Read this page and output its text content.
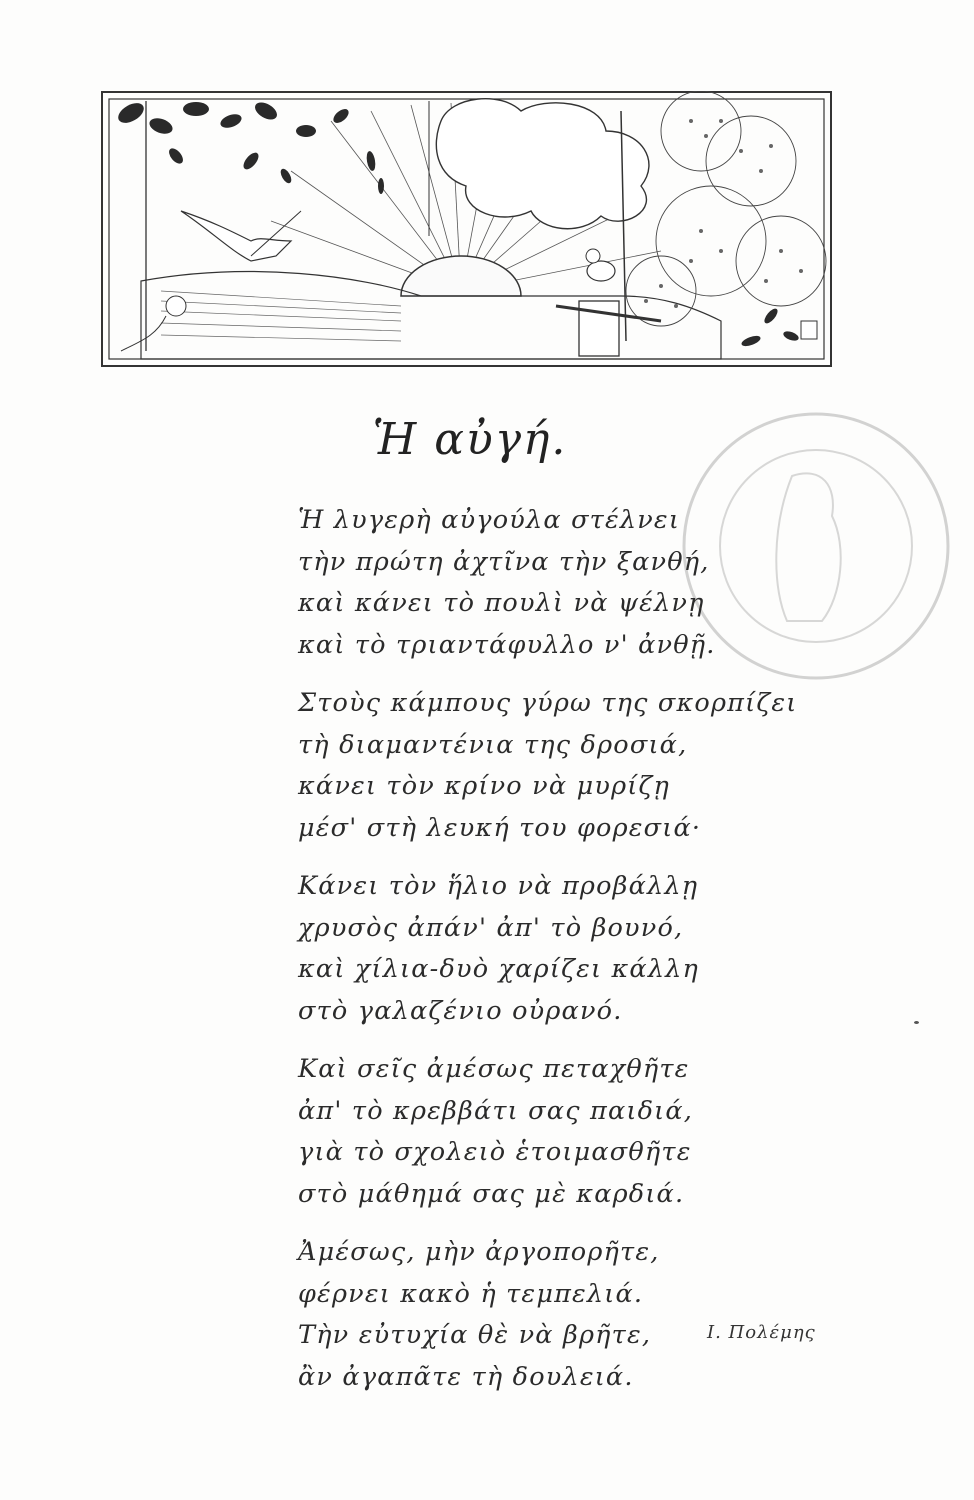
Ἡ αὐγή.
Ἡ λυγερὴ αὐγούλα στέλνει
τὴν πρώτη ἀχτῖνα τὴν ξανθή,
καὶ κάνει τὸ πουλὶ νὰ ψέλνῃ
καὶ τὸ τριαντάφυλλο ν' ἀνθῇ.
Στοὺς κάμπους γύρω της σκορπίζει
τὴ διαμαντένια της δροσιά,
κάνει τὸν κρίνο νὰ μυρίζῃ
μέσ' στὴ λευκή του φορεσιά·
Κάνει τὸν ἥλιο νὰ προβάλλῃ
χρυσὸς ἀπάν' ἀπ' τὸ βουνό,
καὶ χίλια-δυὸ χαρίζει κάλλη
στὸ γαλαζένιο οὐρανό.
Καὶ σεῖς ἀμέσως πεταχθῆτε
ἀπ' τὸ κρεββάτι σας παιδιά,
γιὰ τὸ σχολειὸ ἑτοιμασθῆτε
στὸ μάθημά σας μὲ καρδιά.
Ἀμέσως, μὴν ἀργοπορῆτε,
φέρνει κακὸ ἡ τεμπελιά.
Τὴν εὐτυχία θὲ νὰ βρῆτε,
ἂν ἀγαπᾶτε τὴ δουλειά.
Ι. Πολέμης
